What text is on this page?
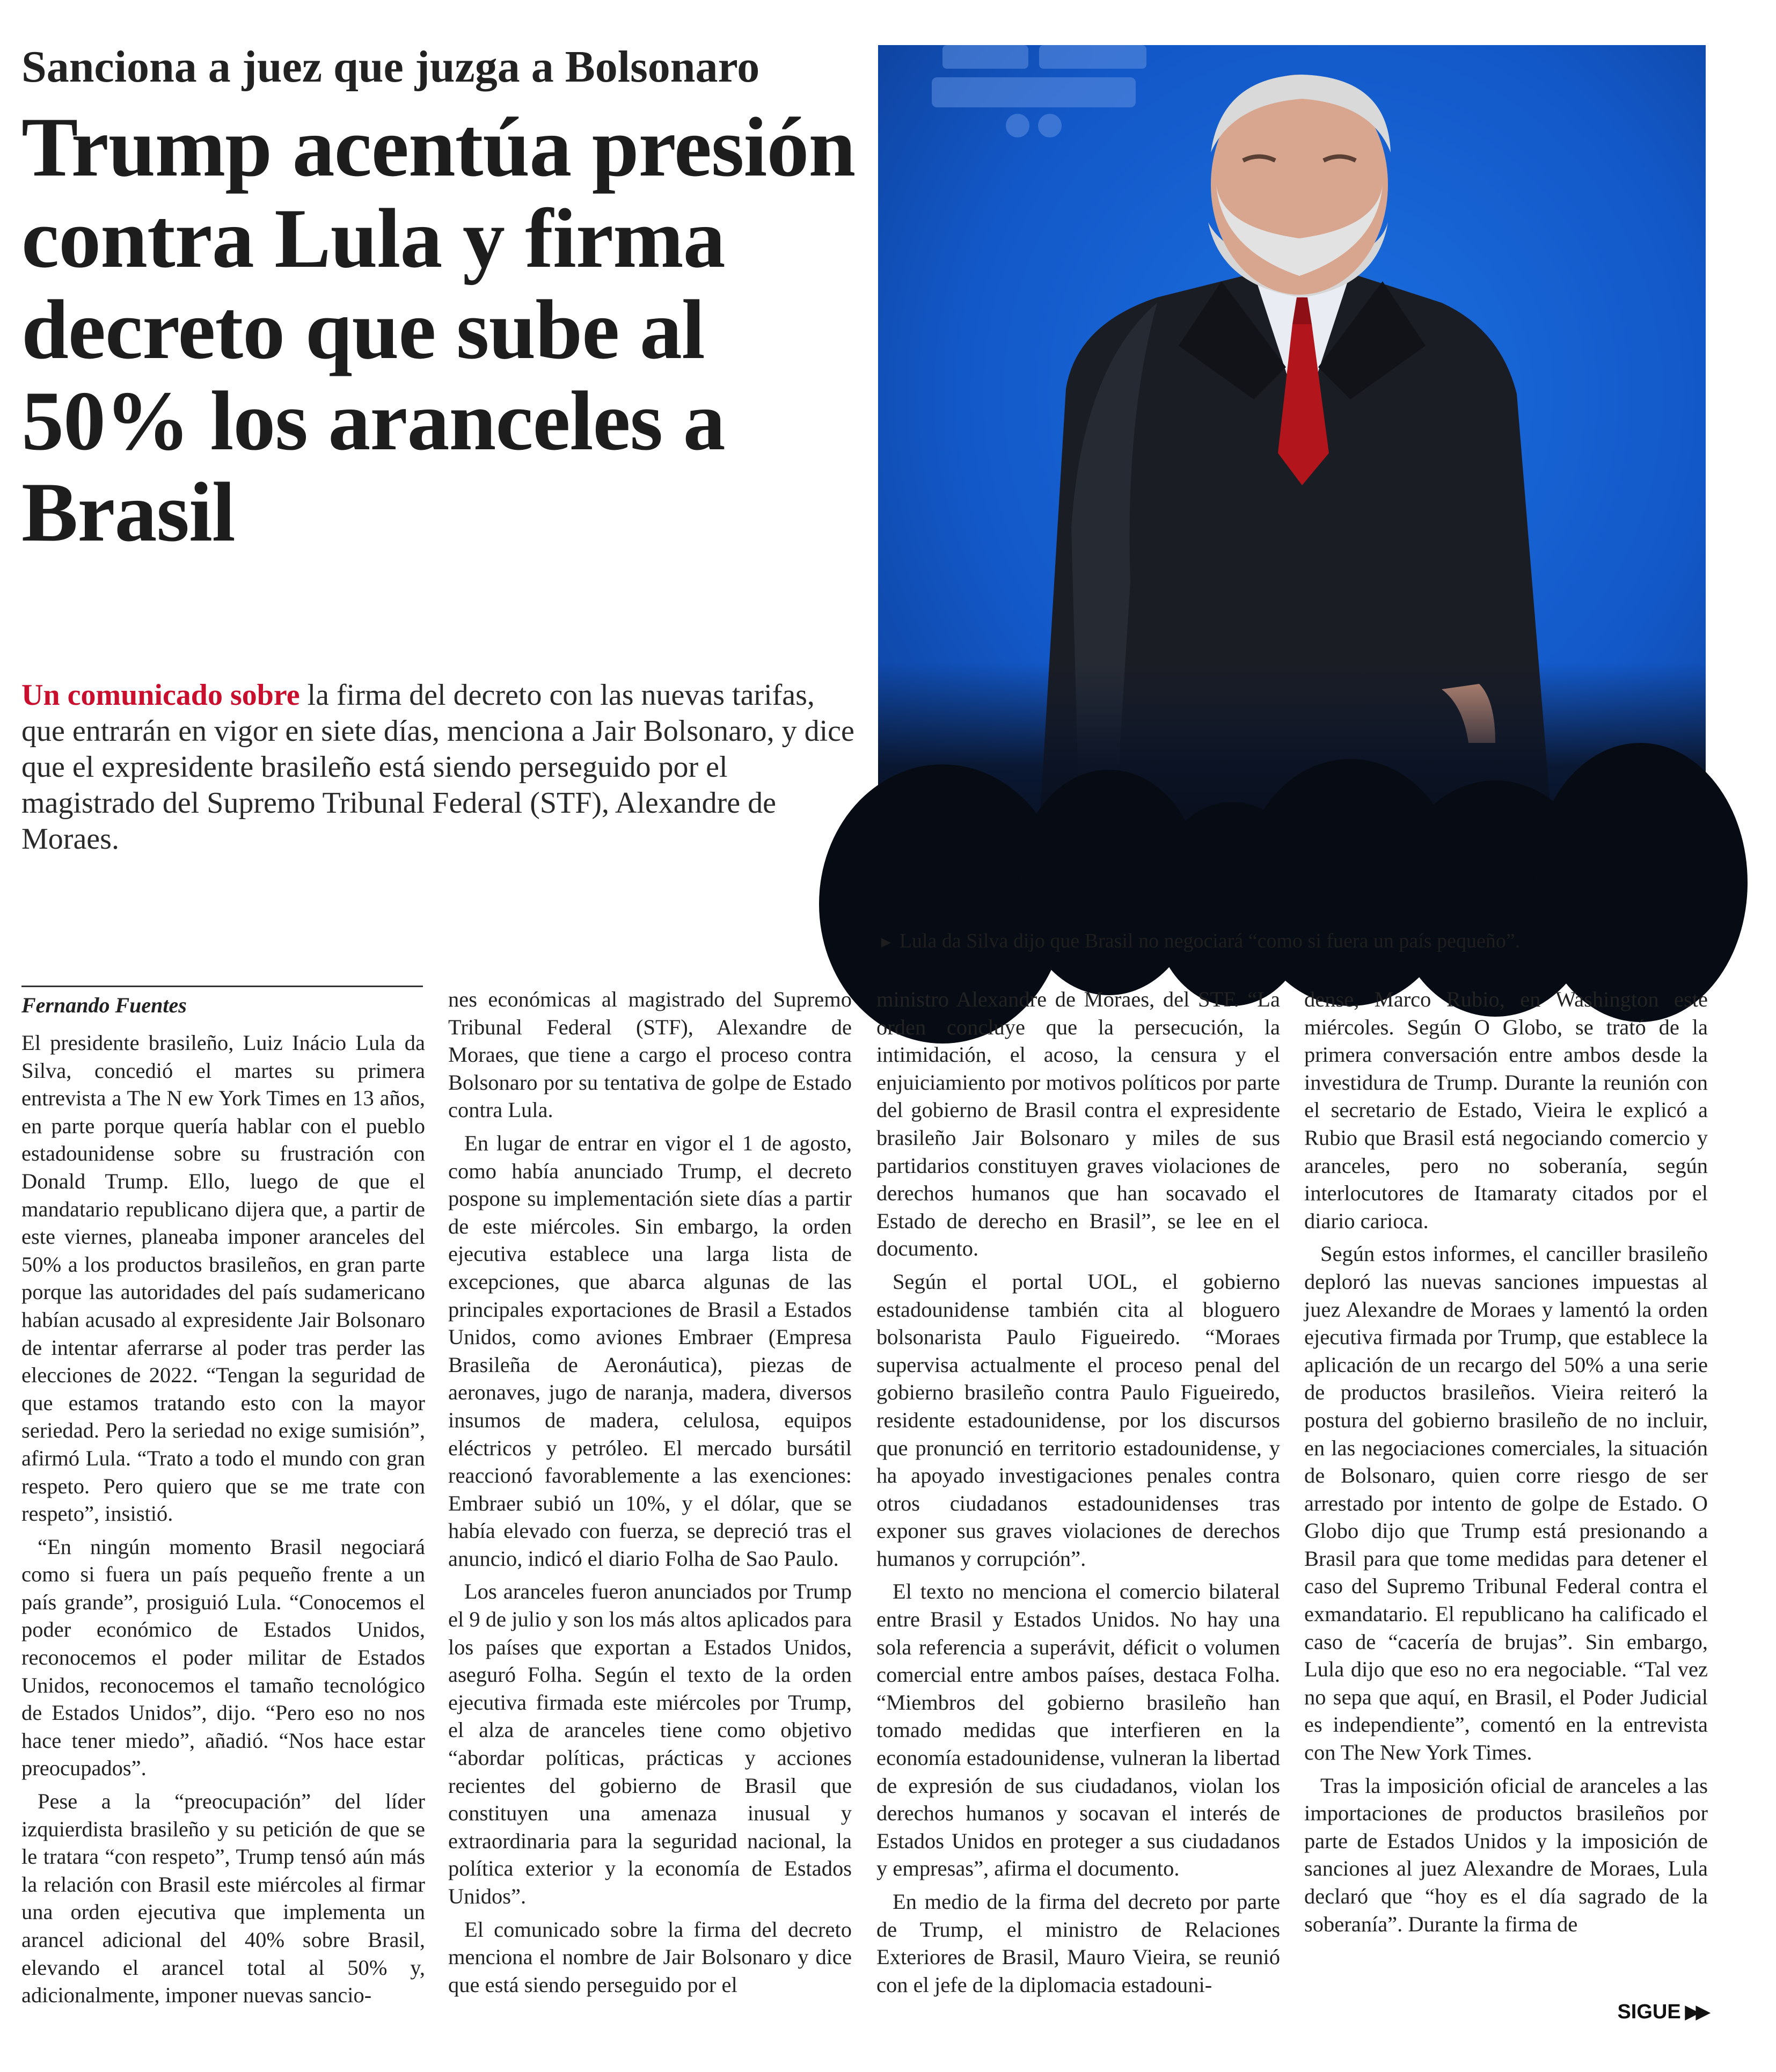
Sanciona a juez que juzga a Bolsonaro
Trump acentúa presión contra Lula y firma decreto que sube al 50% los aranceles a Brasil

Un comunicado sobre la firma del decreto con las nuevas tarifas, que entrarán en vigor en siete días, menciona a Jair Bolsonaro, y dice que el expresidente brasileño está siendo perseguido por el magistrado del Supremo Tribunal Federal (STF), Alexandre de Moraes.

► Lula da Silva dijo que Brasil no negociará “como si fuera un país pequeño”.

Fernando Fuentes

El presidente brasileño, Luiz Inácio Lula da Silva, concedió el martes su primera entrevista a The N ew York Times en 13 años, en parte porque quería hablar con el pueblo estadounidense sobre su frustración con Donald Trump. Ello, luego de que el mandatario republicano dijera que, a partir de este viernes, planeaba imponer aranceles del 50% a los productos brasileños, en gran parte porque las autoridades del país sudamericano habían acusado al expresidente Jair Bolsonaro de intentar aferrarse al poder tras perder las elecciones de 2022. “Tengan la seguridad de que estamos tratando esto con la mayor seriedad. Pero la seriedad no exige sumisión”, afirmó Lula. “Trato a todo el mundo con gran respeto. Pero quiero que se me trate con respeto”, insistió.

“En ningún momento Brasil negociará como si fuera un país pequeño frente a un país grande”, prosiguió Lula. “Conocemos el poder económico de Estados Unidos, reconocemos el poder militar de Estados Unidos, reconocemos el tamaño tecnológico de Estados Unidos”, dijo. “Pero eso no nos hace tener miedo”, añadió. “Nos hace estar preocupados”.

Pese a la “preocupación” del líder izquierdista brasileño y su petición de que se le tratara “con respeto”, Trump tensó aún más la relación con Brasil este miércoles al firmar una orden ejecutiva que implementa un arancel adicional del 40% sobre Brasil, elevando el arancel total al 50% y, adicionalmente, imponer nuevas sancio-

nes económicas al magistrado del Supremo Tribunal Federal (STF), Alexandre de Moraes, que tiene a cargo el proceso contra Bolsonaro por su tentativa de golpe de Estado contra Lula.

En lugar de entrar en vigor el 1 de agosto, como había anunciado Trump, el decreto pospone su implementación siete días a partir de este miércoles. Sin embargo, la orden ejecutiva establece una larga lista de excepciones, que abarca algunas de las principales exportaciones de Brasil a Estados Unidos, como aviones Embraer (Empresa Brasileña de Aeronáutica), piezas de aeronaves, jugo de naranja, madera, diversos insumos de madera, celulosa, equipos eléctricos y petróleo. El mercado bursátil reaccionó favorablemente a las exenciones: Embraer subió un 10%, y el dólar, que se había elevado con fuerza, se depreció tras el anuncio, indicó el diario Folha de Sao Paulo.

Los aranceles fueron anunciados por Trump el 9 de julio y son los más altos aplicados para los países que exportan a Estados Unidos, aseguró Folha. Según el texto de la orden ejecutiva firmada este miércoles por Trump, el alza de aranceles tiene como objetivo “abordar políticas, prácticas y acciones recientes del gobierno de Brasil que constituyen una amenaza inusual y extraordinaria para la seguridad nacional, la política exterior y la economía de Estados Unidos”.

El comunicado sobre la firma del decreto menciona el nombre de Jair Bolsonaro y dice que está siendo perseguido por el

ministro Alexandre de Moraes, del STF. “La orden concluye que la persecución, la intimidación, el acoso, la censura y el enjuiciamiento por motivos políticos por parte del gobierno de Brasil contra el expresidente brasileño Jair Bolsonaro y miles de sus partidarios constituyen graves violaciones de derechos humanos que han socavado el Estado de derecho en Brasil”, se lee en el documento.

Según el portal UOL, el gobierno estadounidense también cita al bloguero bolsonarista Paulo Figueiredo. “Moraes supervisa actualmente el proceso penal del gobierno brasileño contra Paulo Figueiredo, residente estadounidense, por los discursos que pronunció en territorio estadounidense, y ha apoyado investigaciones penales contra otros ciudadanos estadounidenses tras exponer sus graves violaciones de derechos humanos y corrupción”.

El texto no menciona el comercio bilateral entre Brasil y Estados Unidos. No hay una sola referencia a superávit, déficit o volumen comercial entre ambos países, destaca Folha. “Miembros del gobierno brasileño han tomado medidas que interfieren en la economía estadounidense, vulneran la libertad de expresión de sus ciudadanos, violan los derechos humanos y socavan el interés de Estados Unidos en proteger a sus ciudadanos y empresas”, afirma el documento.

En medio de la firma del decreto por parte de Trump, el ministro de Relaciones Exteriores de Brasil, Mauro Vieira, se reunió con el jefe de la diplomacia estadouni-

dense, Marco Rubio, en Washington este miércoles. Según O Globo, se trató de la primera conversación entre ambos desde la investidura de Trump. Durante la reunión con el secretario de Estado, Vieira le explicó a Rubio que Brasil está negociando comercio y aranceles, pero no soberanía, según interlocutores de Itamaraty citados por el diario carioca.

Según estos informes, el canciller brasileño deploró las nuevas sanciones impuestas al juez Alexandre de Moraes y lamentó la orden ejecutiva firmada por Trump, que establece la aplicación de un recargo del 50% a una serie de productos brasileños. Vieira reiteró la postura del gobierno brasileño de no incluir, en las negociaciones comerciales, la situación de Bolsonaro, quien corre riesgo de ser arrestado por intento de golpe de Estado. O Globo dijo que Trump está presionando a Brasil para que tome medidas para detener el caso del Supremo Tribunal Federal contra el exmandatario. El republicano ha calificado el caso de “cacería de brujas”. Sin embargo, Lula dijo que eso no era negociable. “Tal vez no sepa que aquí, en Brasil, el Poder Judicial es independiente”, comentó en la entrevista con The New York Times.

Tras la imposición oficial de aranceles a las importaciones de productos brasileños por parte de Estados Unidos y la imposición de sanciones al juez Alexandre de Moraes, Lula declaró que “hoy es el día sagrado de la soberanía”. Durante la firma de

SIGUE ▶▶
